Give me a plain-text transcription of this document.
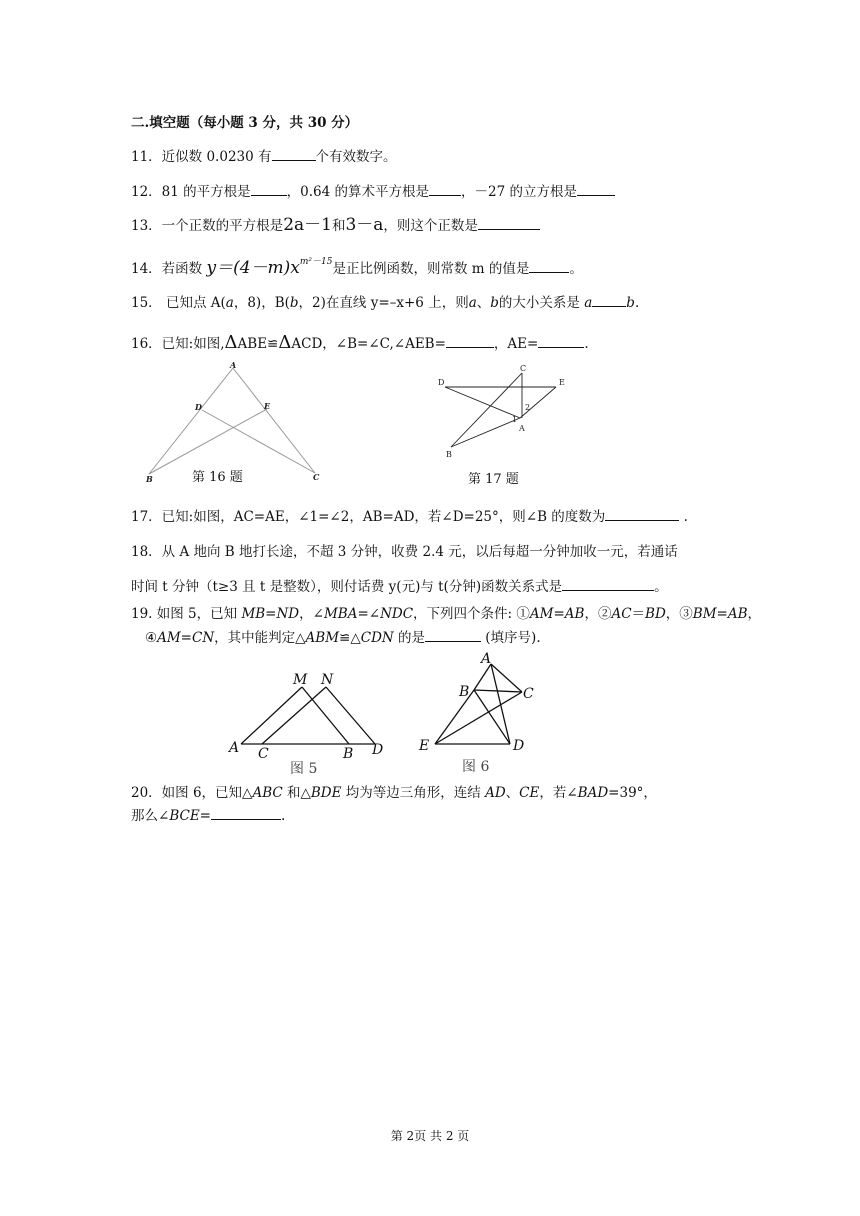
二.填空题（每小题 3 分，共 30 分）
11．近似数 0.0230 有	个有效数字。
12．81 的平方根是	，0.64 的算术平方根是 ，－27 的立方根是
13．一个正数的平方根是2a－1和3－a，则这个正数是
14．若函数 $y=(4-m)x^{m^2-15}$是正比例函数，则常数 m 的值是	。
15． 已知点 A(a，8)，B(b，2)在直线 y=–x+6 上，则a、b的大小关系是 a	b.
16．已知:如图,ΔABE≌ΔACD，∠B=∠C,∠AEB=	，AE=	.
A
D	E
B	C
第 16 题
C
D	E
2
1
A
B
第 17 题
17．已知:如图，AC=AE，∠1=∠2，AB=AD，若∠D=25°，则∠B 的度数为	.
18．从 A 地向 B 地打长途，不超 3 分钟，收费 2.4 元，以后每超一分钟加收一元，若通话
时间 t 分钟（t≥3 且 t 是整数），则付话费 y(元)与 t(分钟)函数关系式是	。
19. 如图 5，已知 MB=ND，∠MBA=∠NDC，下列四个条件: ①AM=AB，②AC＝BD，③BM=AB，
④AM=CN，其中能判定△ABM≌△CDN 的是	(填序号).
A C	B D
M N
图 5
A
B	C
E	D
图 6
20．如图 6，已知△ABC 和△BDE 均为等边三角形，连结 AD、CE，若∠BAD=39°，
那么∠BCE=	.
第 2页 共 2 页
